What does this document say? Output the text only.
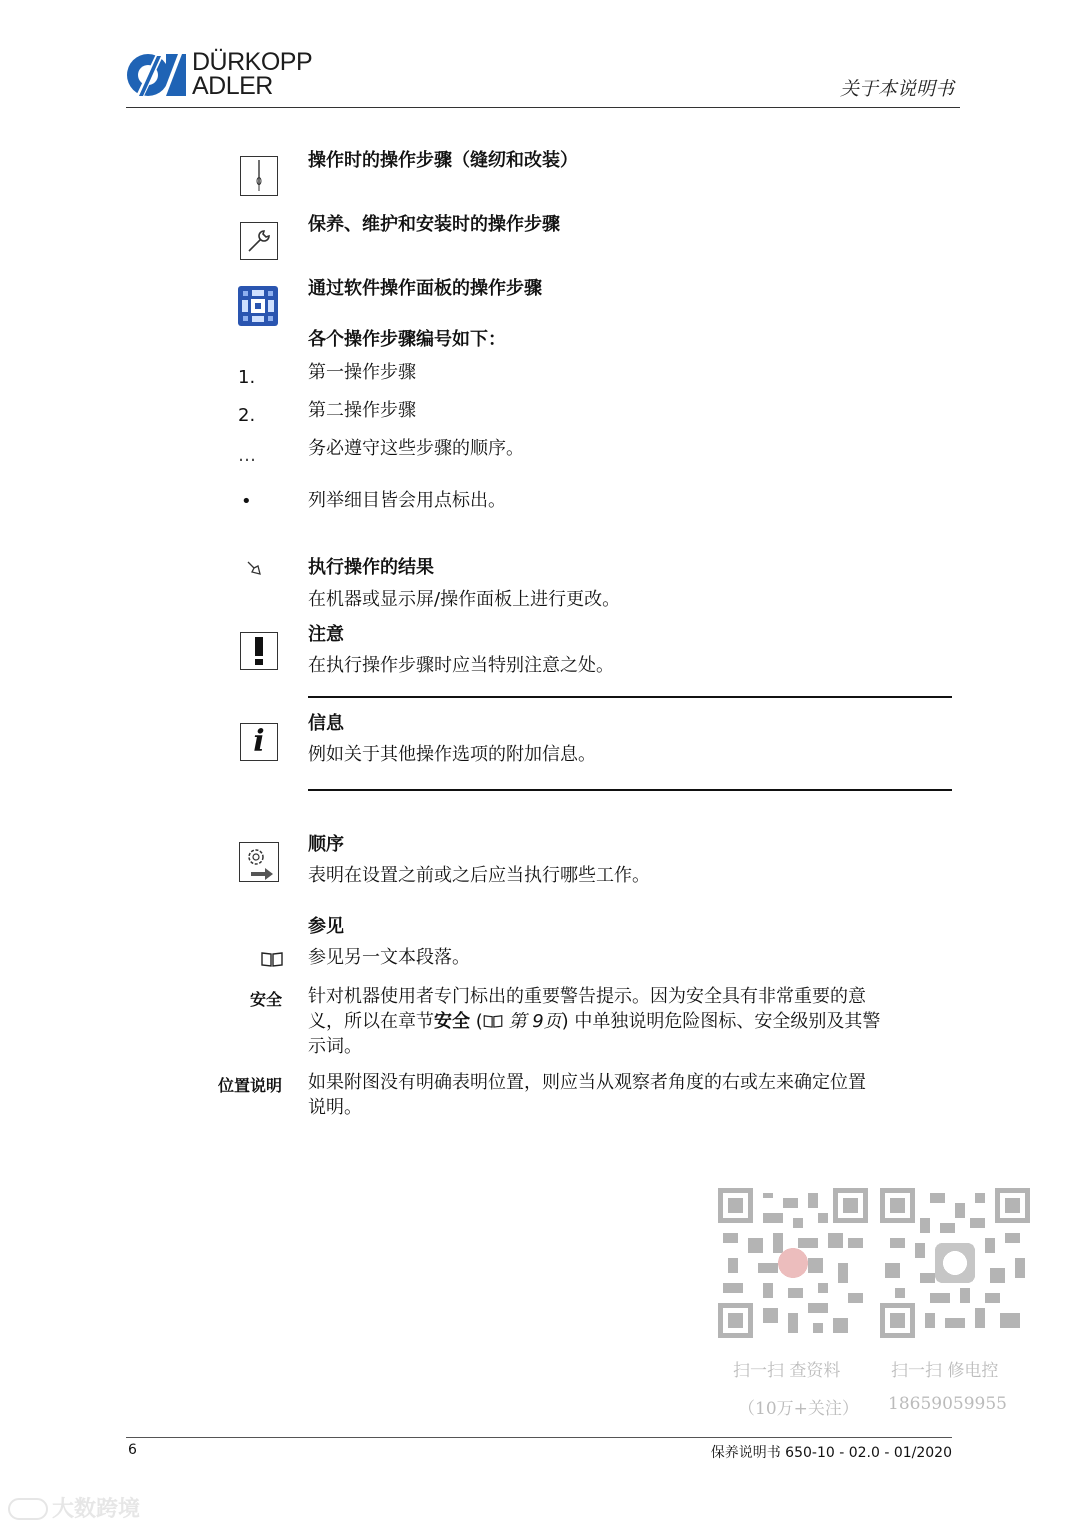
DÜRKOPP
ADLER	关于本说明书
操作时的操作步骤（缝纫和改装）
保养、维护和安装时的操作步骤
通过软件操作面板的操作步骤
各个操作步骤编号如下：
1.	第一操作步骤
2.	第二操作步骤
…	务必遵守这些步骤的顺序。
•	列举细目皆会用点标出。
执行操作的结果
在机器或显示屏/操作面板上进行更改。
注意
在执行操作步骤时应当特别注意之处。
i
信息
例如关于其他操作选项的附加信息。
顺序
表明在设置之前或之后应当执行哪些工作。
参见
参见另一文本段落。
安全 针对机器使用者专门标出的重要警告提示。因为安全具有非常重要的意
义，所以在章节安全 ( 第 9页) 中单独说明危险图标、安全级别及其警
示词。
位置说明 如果附图没有明确表明位置，则应当从观察者角度的右或左来确定位置
说明。
扫一扫 查资料
（10万+关注）
扫一扫 修电控
18659059955
6	保养说明书 650-10 - 02.0 - 01/2020
大数跨境
